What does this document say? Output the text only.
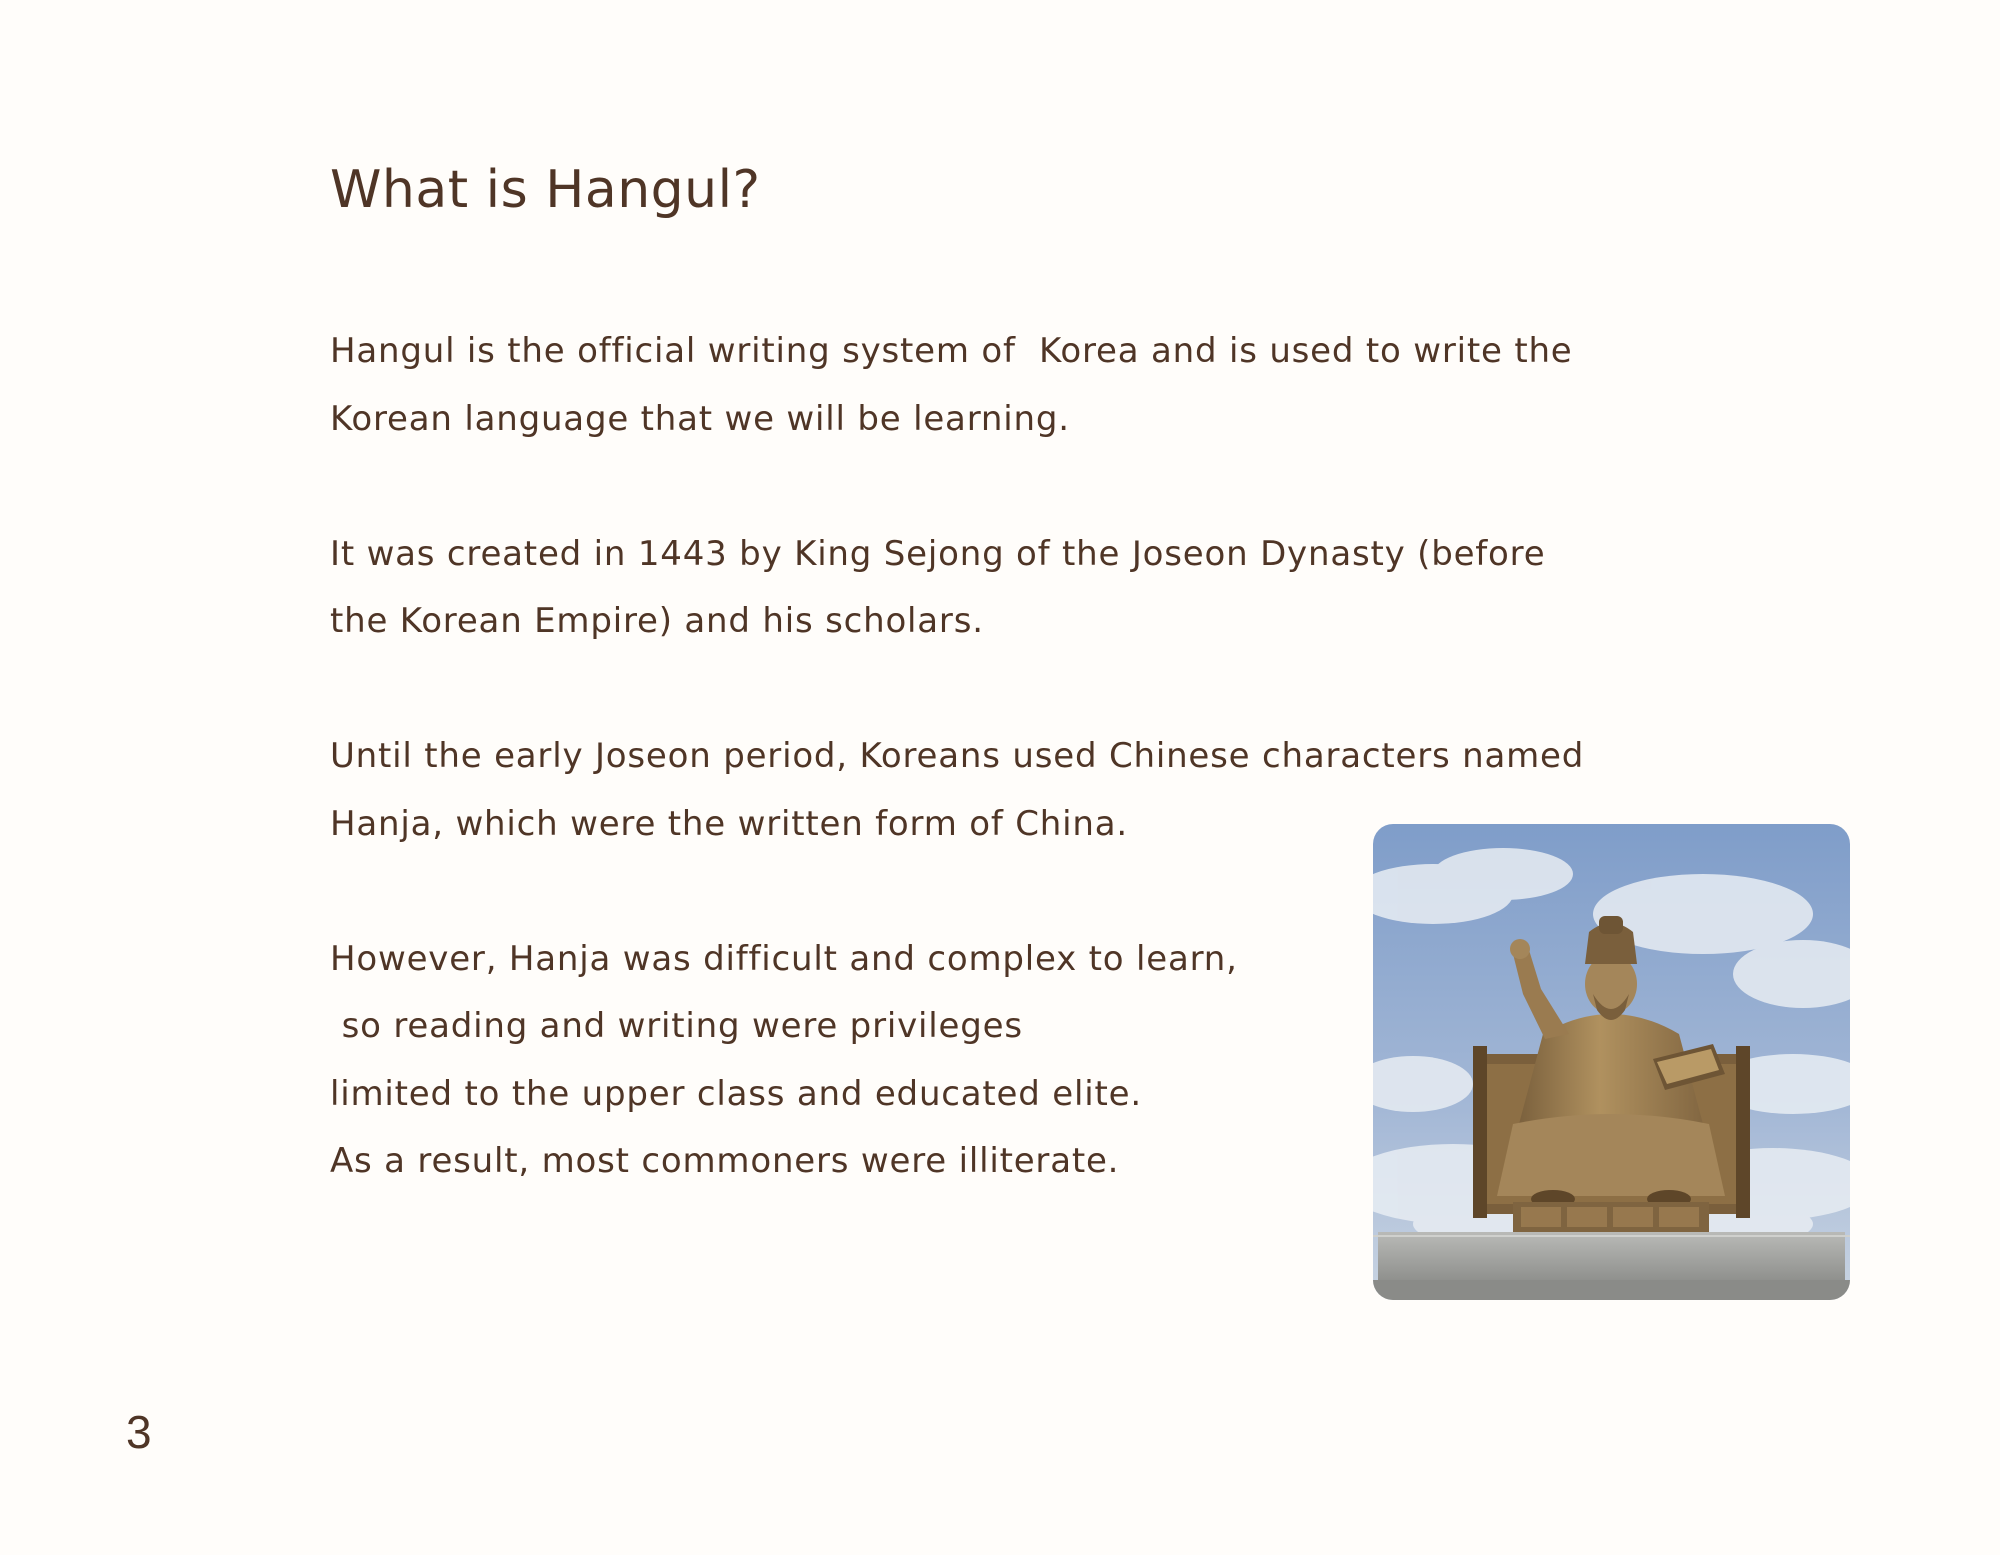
What is Hangul?

Hangul is the official writing system of  Korea and is used to write the
Korean language that we will be learning.

It was created in 1443 by King Sejong of the Joseon Dynasty (before
the Korean Empire) and his scholars.

Until the early Joseon period, Koreans used Chinese characters named
Hanja, which were the written form of China.

However, Hanja was difficult and complex to learn,
so reading and writing were privileges
limited to the upper class and educated elite.
As a result, most commoners were illiterate.

3
